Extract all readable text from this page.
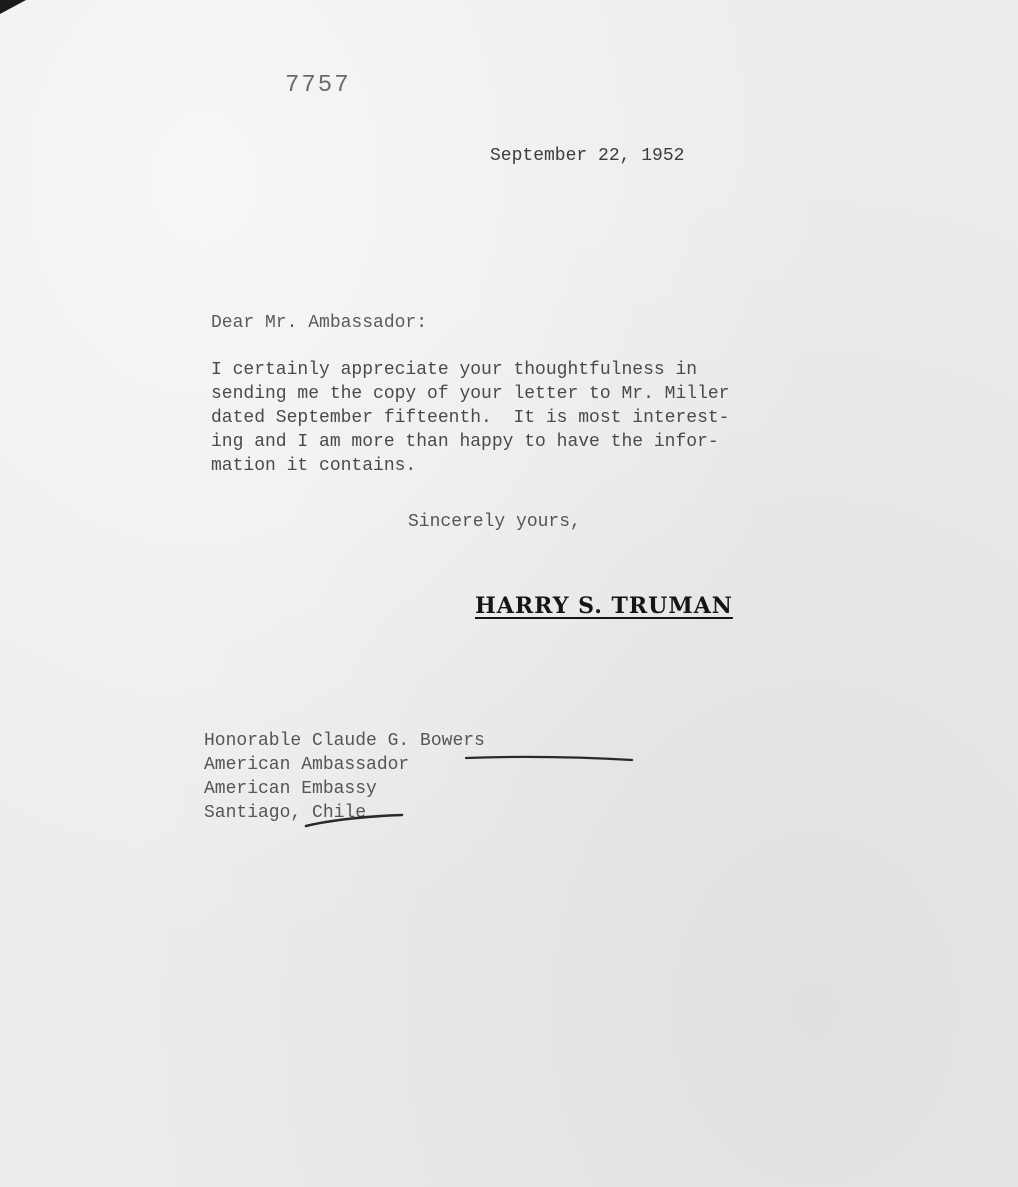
7757
September 22, 1952
Dear Mr. Ambassador:
I certainly appreciate your thoughtfulness in
sending me the copy of your letter to Mr. Miller
dated September fifteenth.  It is most interest-
ing and I am more than happy to have the infor-
mation it contains.
Sincerely yours,
HARRY S. TRUMAN
Honorable Claude G. Bowers
American Ambassador
American Embassy
Santiago, Chile
